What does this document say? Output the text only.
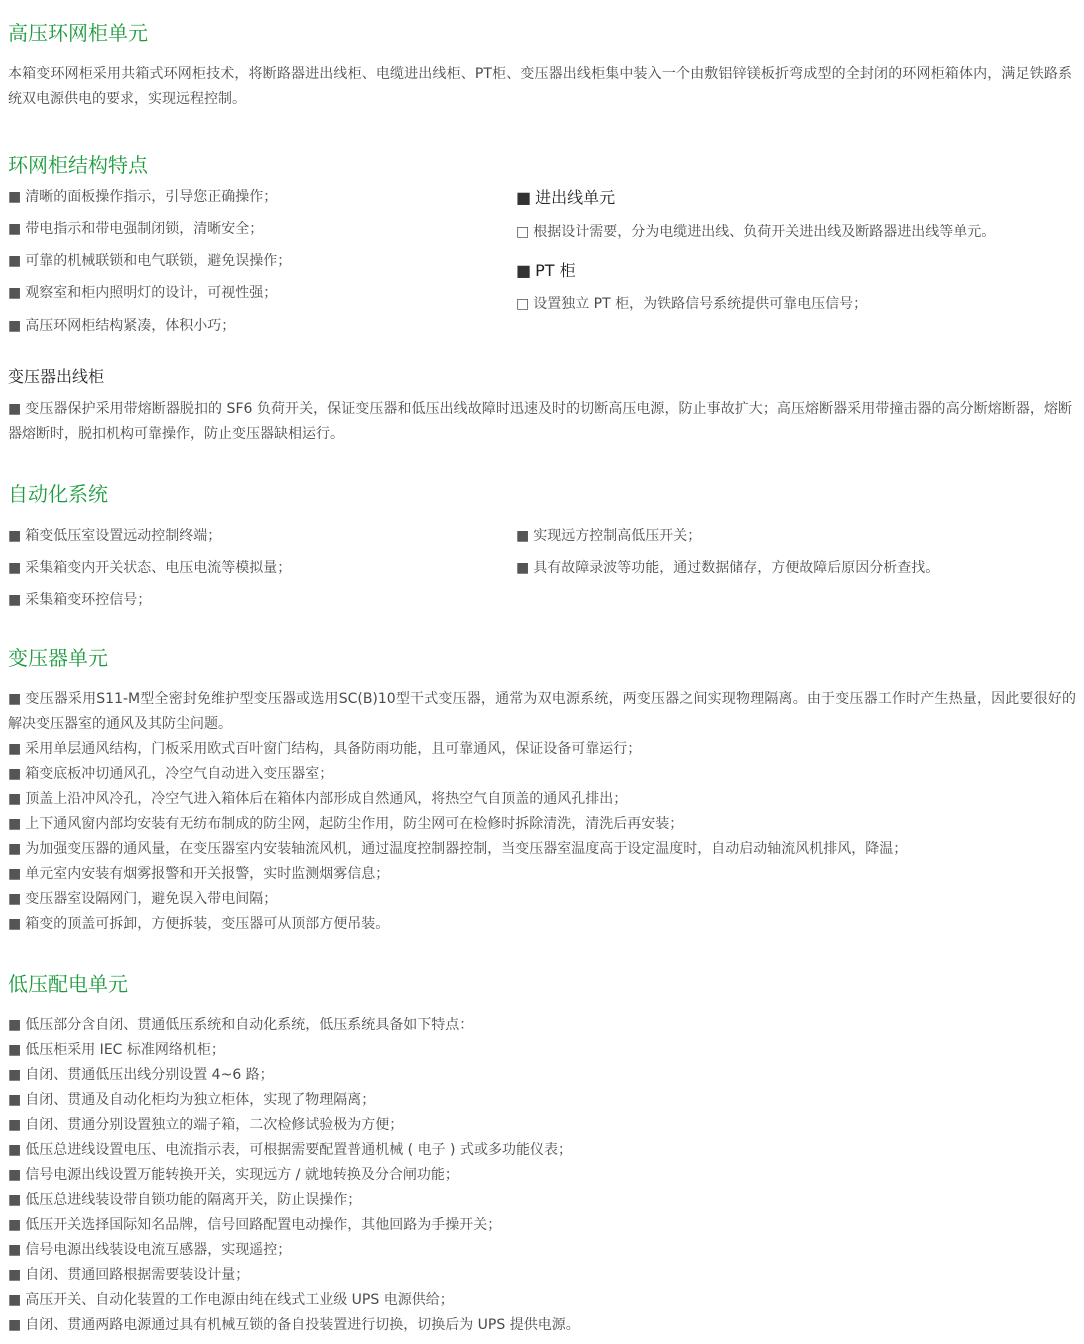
高压环网柜单元

本箱变环网柜采用共箱式环网柜技术，将断路器进出线柜、电缆进出线柜、PT柜、变压器出线柜集中装入一个由敷铝锌镁板折弯成型的全封闭的环网柜箱体内，满足铁路系统双电源供电的要求，实现远程控制。

环网柜结构特点
■ 清晰的面板操作指示，引导您正确操作；
■ 带电指示和带电强制闭锁，清晰安全；
■ 可靠的机械联锁和电气联锁，避免误操作；
■ 观察室和柜内照明灯的设计，可视性强；
■ 高压环网柜结构紧凑，体积小巧；
■ 进出线单元
□ 根据设计需要，分为电缆进出线、负荷开关进出线及断路器进出线等单元。
■ PT 柜
□ 设置独立 PT 柜，为铁路信号系统提供可靠电压信号；
变压器出线柜

■ 变压器保护采用带熔断器脱扣的 SF6 负荷开关，保证变压器和低压出线故障时迅速及时的切断高压电源，防止事故扩大；高压熔断器采用带撞击器的高分断熔断器，熔断器熔断时，脱扣机构可靠操作，防止变压器缺相运行。

自动化系统
■ 箱变低压室设置远动控制终端；
■ 采集箱变内开关状态、电压电流等模拟量；
■ 采集箱变环控信号；
■ 实现远方控制高低压开关；
■ 具有故障录波等功能，通过数据储存，方便故障后原因分析查找。
变压器单元
■ 变压器采用S11-M型全密封免维护型变压器或选用SC(B)10型干式变压器，通常为双电源系统，两变压器之间实现物理隔离。由于变压器工作时产生热量，因此要很好的解决变压器室的通风及其防尘问题。
■ 采用单层通风结构，门板采用欧式百叶窗门结构，具备防雨功能，且可靠通风，保证设备可靠运行；
■ 箱变底板冲切通风孔，冷空气自动进入变压器室；
■ 顶盖上沿冲风冷孔，冷空气进入箱体后在箱体内部形成自然通风，将热空气自顶盖的通风孔排出；
■ 上下通风窗内部均安装有无纺布制成的防尘网，起防尘作用，防尘网可在检修时拆除清洗，清洗后再安装；
■ 为加强变压器的通风量，在变压器室内安装轴流风机，通过温度控制器控制，当变压器室温度高于设定温度时，自动启动轴流风机排风，降温；
■ 单元室内安装有烟雾报警和开关报警，实时监测烟雾信息；
■ 变压器室设隔网门，避免误入带电间隔；
■ 箱变的顶盖可拆卸，方便拆装，变压器可从顶部方便吊装。
低压配电单元
■ 低压部分含自闭、贯通低压系统和自动化系统，低压系统具备如下特点：
■ 低压柜采用 IEC 标准网络机柜；
■ 自闭、贯通低压出线分别设置 4~6 路；
■ 自闭、贯通及自动化柜均为独立柜体，实现了物理隔离；
■ 自闭、贯通分别设置独立的端子箱，二次检修试验极为方便；
■ 低压总进线设置电压、电流指示表，可根据需要配置普通机械 ( 电子 ) 式或多功能仪表；
■ 信号电源出线设置万能转换开关，实现远方 / 就地转换及分合闸功能；
■ 低压总进线装设带自锁功能的隔离开关，防止误操作；
■ 低压开关选择国际知名品牌，信号回路配置电动操作，其他回路为手操开关；
■ 信号电源出线装设电流互感器，实现遥控；
■ 自闭、贯通回路根据需要装设计量；
■ 高压开关、自动化装置的工作电源由纯在线式工业级 UPS 电源供给；
■ 自闭、贯通两路电源通过具有机械互锁的备自投装置进行切换，切换后为 UPS 提供电源。
